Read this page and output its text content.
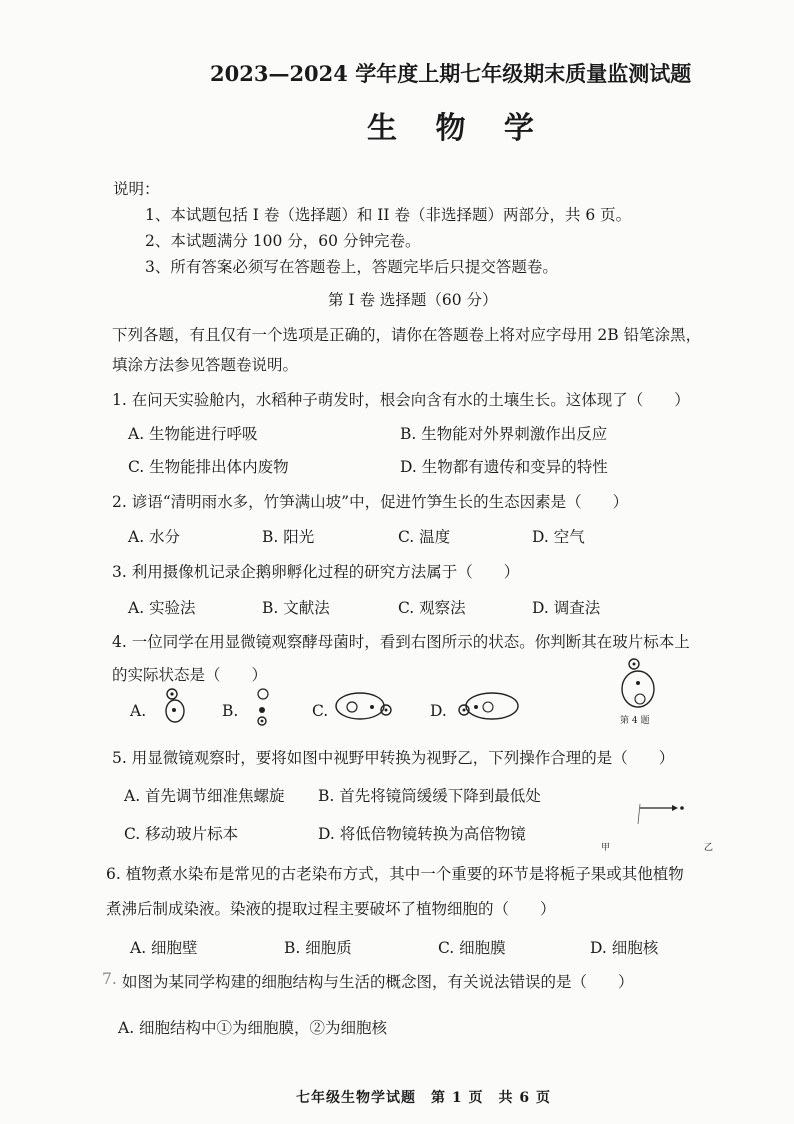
2023—2024 学年度上期七年级期末质量监测试题
生 物 学
说明：
1、本试题包括 I 卷（选择题）和 II 卷（非选择题）两部分，共 6 页。
2、本试题满分 100 分，60 分钟完卷。
3、所有答案必须写在答题卷上，答题完毕后只提交答题卷。
第 I 卷 选择题（60 分）
下列各题，有且仅有一个选项是正确的，请你在答题卷上将对应字母用 2B 铅笔涂黑，
填涂方法参见答题卷说明。
1. 在问天实验舱内，水稻种子萌发时，根会向含有水的土壤生长。这体现了（　　）
A. 生物能进行呼吸	B. 生物能对外界刺激作出反应
C. 生物能排出体内废物	D. 生物都有遗传和变异的特性
2. 谚语“清明雨水多，竹笋满山坡”中，促进竹笋生长的生态因素是（　　）
A. 水分	B. 阳光	C. 温度	D. 空气
3. 利用摄像机记录企鹅卵孵化过程的研究方法属于（　　）
A. 实验法	B. 文献法	C. 观察法	D. 调查法
4. 一位同学在用显微镜观察酵母菌时，看到右图所示的状态。你判断其在玻片标本上
的实际状态是（　　）
A.	B.	C.	D.
第 4 题
5. 用显微镜观察时，要将如图中视野甲转换为视野乙，下列操作合理的是（　　）
A. 首先调节细准焦螺旋 B. 首先将镜筒缓缓下降到最低处
C. 移动玻片标本	D. 将低倍物镜转换为高倍物镜
甲	乙
6. 植物煮水染布是常见的古老染布方式，其中一个重要的环节是将栀子果或其他植物
煮沸后制成染液。染液的提取过程主要破坏了植物细胞的（　　）
A. 细胞壁	B. 细胞质	C. 细胞膜	D. 细胞核
7. 如图为某同学构建的细胞结构与生活的概念图，有关说法错误的是（　　）
A. 细胞结构中①为细胞膜，②为细胞核
七年级生物学试题　第 1 页　共 6 页
